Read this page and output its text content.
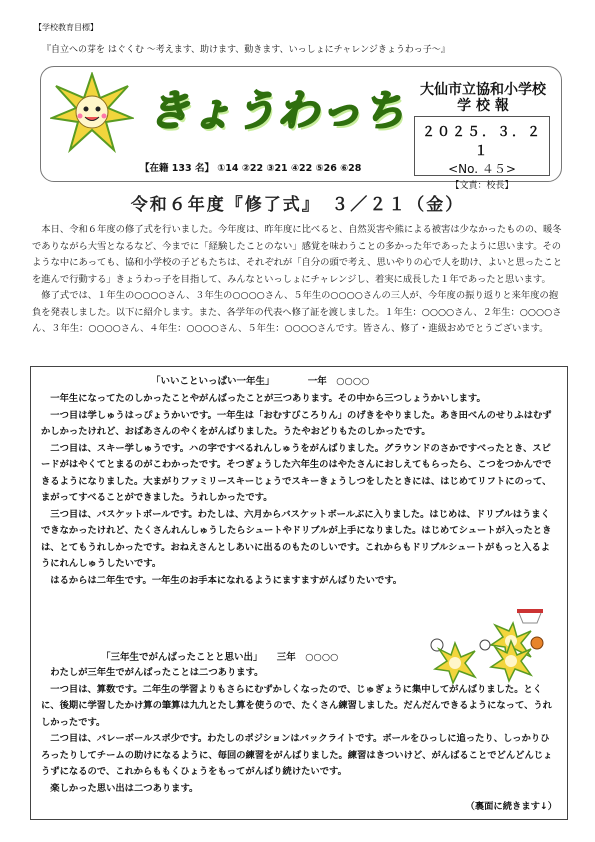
【学校教育目標】
『自立への芽を はぐくむ ～考えます、助けます、動きます、いっしょにチャレンジきょうわっ子～』
きょうわっち	大仙市立協和小学校
学 校 報
２０２５．３．２１
<No. ４５>
【文責：校長】
【在籍 133 名】 ①14 ②22 ③21 ④22 ⑤26 ⑥28
令和６年度『修了式』　３／２１（金）

本日、令和６年度の修了式を行いました。今年度は、昨年度に比べると、自然災害や熊による被害は少なかったものの、暖冬でありながら大雪となるなど、今までに「経験したことのない」感覚を味わうことの多かった年であったように思います。そのような中にあっても、協和小学校の子どもたちは、それぞれが「自分の頭で考え、思いやりの心で人を助け、よいと思ったことを進んで行動する」きょうわっ子を目指して、みんなといっしょにチャレンジし、着実に成長した１年であったと思います。

修了式では、１年生の○○○○さん、３年生の○○○○さん、５年生の○○○○さんの三人が、今年度の振り返りと来年度の抱負を発表しました。以下に紹介します。また、各学年の代表へ修了証を渡しました。１年生：○○○○さん、２年生：○○○○さん、３年生：○○○○さん、４年生：○○○○さん、５年生：○○○○さんです。皆さん、修了・進級おめでとうございます。

「いいこといっぱい一年生」　　　　一年　○○○○

一年生になってたのしかったことやがんばったことが三つあります。その中から三つしょうかいします。

一つ目は学しゅうはっぴょうかいです。一年生は「おむすびころりん」のげきをやりました。あき田べんのせりふはむずかしかったけれど、おばあさんのやくをがんばりました。うたやおどりもたのしかったです。

二つ目は、スキー学しゅうです。ハの字ですべるれんしゅうをがんばりました。グラウンドのさかですべったとき、スピードがはやくてとまるのがこわかったです。そつぎょうした六年生のはやたさんにおしえてもらったら、こつをつかんでできるようになりました。大まがりファミリースキーじょうでスキーきょうしつをしたときには、はじめてリフトにのって、まがってすべることができました。うれしかったです。

三つ目は、バスケットボールです。わたしは、六月からバスケットボールぶに入りました。はじめは、ドリブルはうまくできなかったけれど、たくさんれんしゅうしたらシュートやドリブルが上手になりました。はじめてシュートが入ったときは、とてもうれしかったです。おねえさんとしあいに出るのもたのしいです。これからもドリブルシュートがもっと入るようにれんしゅうしたいです。

はるからは二年生です。一年生のお手本になれるようにますますがんばりたいです。

「三年生でがんばったことと思い出」　　三年　○○○○

わたしが三年生でがんばったことは二つあります。

一つ目は、算数です。二年生の学習よりもさらにむずかしくなったので、じゅぎょうに集中してがんばりました。とくに、後期に学習したかけ算の筆算は九九とたし算を使うので、たくさん練習しました。だんだんできるようになって、うれしかったです。

二つ目は、バレーボールスポ少です。わたしのポジションはバックライトです。ボールをひっしに追ったり、しっかりひろったりしてチームの助けになるように、毎回の練習をがんばりました。練習はきついけど、がんばることでどんどんじょうずになるので、これからももくひょうをもってがんばり続けたいです。

楽しかった思い出は二つあります。

（裏面に続きます↓）
